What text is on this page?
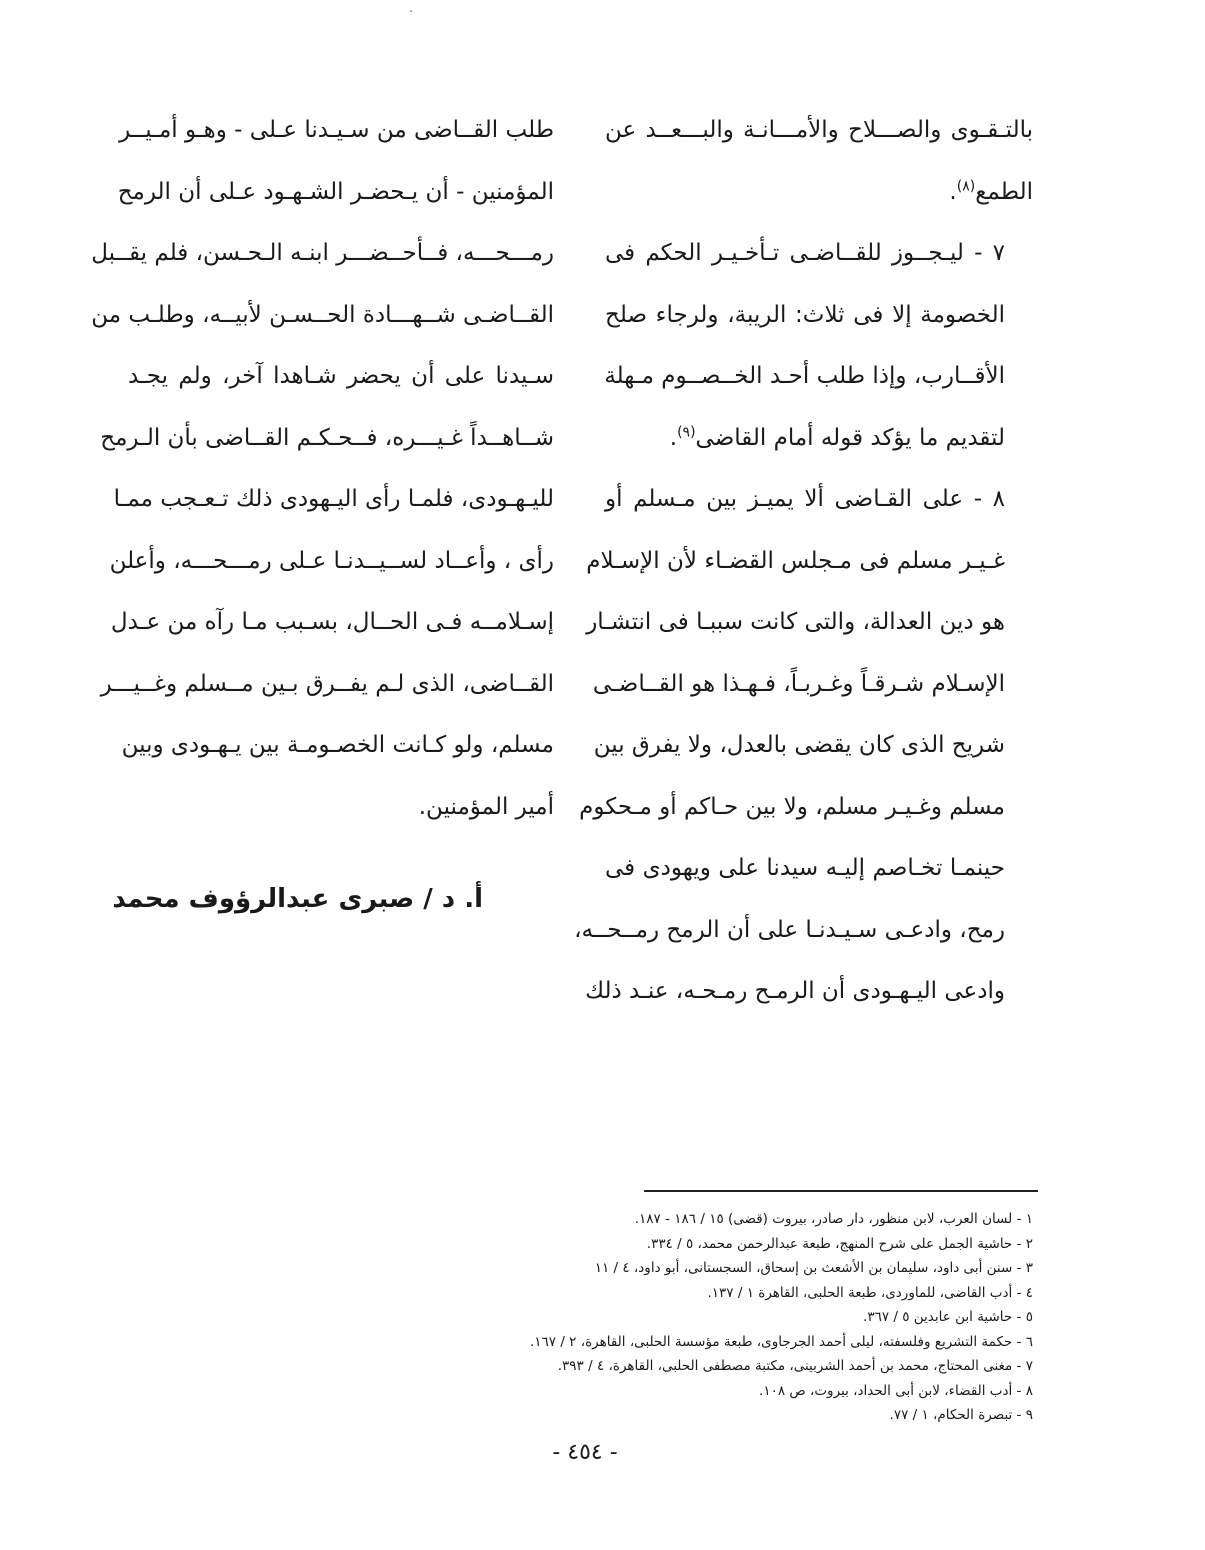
بالتـقـوى والصـــلاح والأمـــانـة والبـــعــد عن
الطمع$^{(٨)}$.

٧ - ليـجــوز للقــاضـى تـأخـيـر الحكم فى
الخصومة إلا فى ثلاث: الريبة، ولرجاء صلح
الأقــارب، وإذا طلب أحـد الخــصــوم مـهلة
لتقديم ما يؤكد قوله أمام القاضى$^{(٩)}$.

٨ - على القـاضى ألا يميـز بين مـسلم أو
غـيـر مسلم فى مـجلس القضـاء لأن الإسـلام
هو دين العدالة، والتى كانت سببـا فى انتشـار
الإسـلام شـرقـاً وغـربـاً، فـهـذا هو القــاضـى
شريح الذى كان يقضى بالعدل، ولا يفرق بين
مسلم وغـيـر مسلم، ولا بين حـاكم أو مـحكوم
حينمـا تخـاصم إليـه سيدنا على ويهودى فى
رمح، وادعـى سـيـدنـا على أن الرمح رمــحــه،
وادعى اليـهـودى أن الرمـح رمـحـه، عنـد ذلك

طلب القــاضى من سـيـدنا عـلى - وهـو أمـيــر
المؤمنين - أن يـحضـر الشـهـود عـلى أن الرمح
رمـــحـــه، فــأحــضـــر ابنـه الـحـسن، فلم يقــبل
القــاضـى شــهـــادة الحــسـن لأبيــه، وطلـب من
سـيدنا على أن يحضر شـاهدا آخر، ولم يجـد
شــاهــداً غـيـــره، فــحـكـم القــاضى بأن الـرمح
لليـهـودى، فلمـا رأى اليـهودى ذلك تـعـجب ممـا
رأى ، وأعــاد لســيــدنـا عـلى رمـــحـــه، وأعلن
إسـلامــه فـى الحــال، بسـبب مـا رآه من عـدل
القــاضى، الذى لـم يفــرق بـين مــسلم وغــيـــر
مسلم، ولو كـانت الخصـومـة بين يـهـودى وبين
أمير المؤمنين.

أ. د / صبرى عبدالرؤوف محمد
١ - لسان العرب، لابن منظور، دار صادر، بيروت (قضى) ١٥ / ١٨٦ - ١٨٧.
٢ - حاشية الجمل على شرح المنهج، طبعة عبدالرحمن محمد، ٥ / ٣٣٤.
٣ - سنن أبى داود، سليمان بن الأشعث بن إسحاق، السجستانى، أبو داود، ٤ / ١١
٤ - أدب القاضى، للماوردى، طبعة الحلبى، القاهرة ١ / ١٣٧.
٥ - حاشية ابن عابدين ٥ / ٣٦٧.
٦ - حكمة التشريع وفلسفته، ليلى أحمد الجرجاوى، طبعة مؤسسة الحلبى، القاهرة، ٢ / ١٦٧.
٧ - مغنى المحتاج، محمد بن أحمد الشربينى، مكتبة مصطفى الحلبى، القاهرة، ٤ / ٣٩٣.
٨ - أدب القضاء، لابن أبى الحداد، بيروت، ص ١٠٨.
٩ - تبصرة الحكام، ١ / ٧٧.
- ٤٥٤ -
